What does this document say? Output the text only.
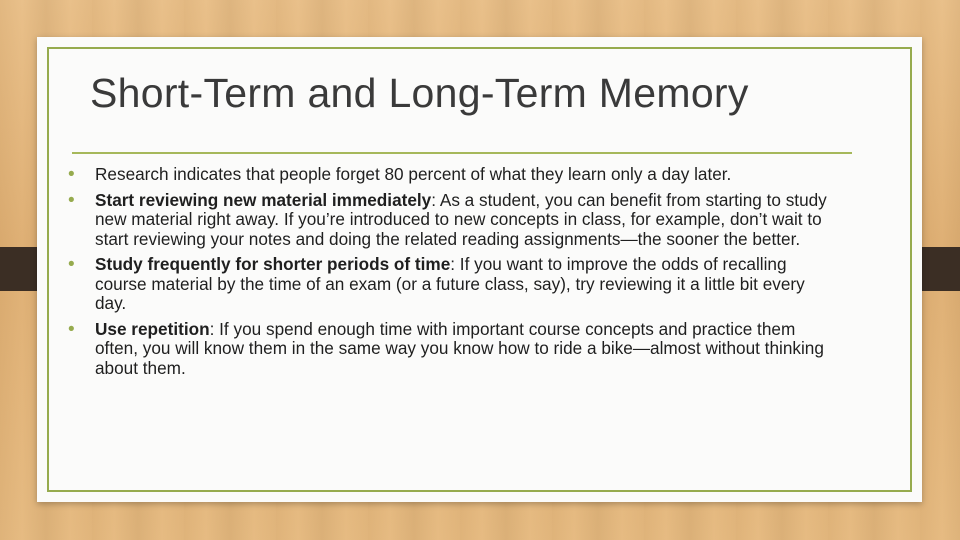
Short-Term and Long-Term Memory
• Research indicates that people forget 80 percent of what they learn only a day later.
• Start reviewing new material immediately: As a student, you can benefit from starting to study new material right away. If you’re introduced to new concepts in class, for example, don’t wait to start reviewing your notes and doing the related reading assignments—the sooner the better.
• Study frequently for shorter periods of time: If you want to improve the odds of recalling course material by the time of an exam (or a future class, say), try reviewing it a little bit every day.
• Use repetition: If you spend enough time with important course concepts and practice them often, you will know them in the same way you know how to ride a bike—almost without thinking about them.
